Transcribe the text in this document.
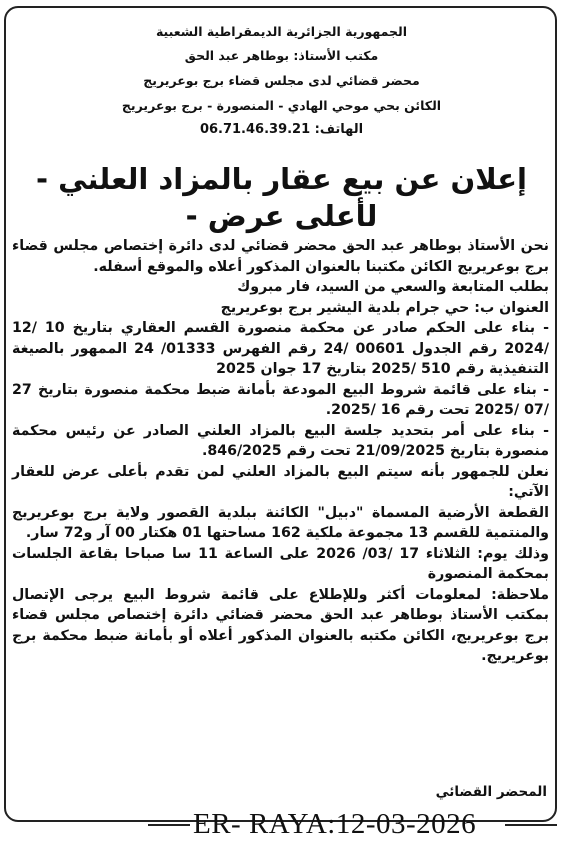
الجمهورية الجزائرية الديمقراطية الشعبية
مكتب الأستاذ: بوطاهر عبد الحق
محضر قضائي لدى مجلس قضاء برج بوعريريج
الكائن بحي موحي الهادي - المنصورة - برج بوعريريج
الهاتف: 06.71.46.39.21
إعلان عن بيع عقار بالمزاد العلني -
لأعلى عرض -

نحن الأستاذ بوطاهر عبد الحق محضر قضائي لدى دائرة إختصاص مجلس قضاء برج بوعريريج الكائن مكتبنا بالعنوان المذكور أعلاه والموقع أسفله.

بطلب المتابعة والسعي من السيد، فار مبروك

العنوان ب: حي جرام بلدية اليشير برج بوعريريج

- بناء على الحكم صادر عن محكمة منصورة القسم العقاري بتاريخ 10 /12 /2024 رقم الجدول 00601 /24 رقم الفهرس 01333/ 24 الممهور بالصيغة التنفيذية رقم 510 /2025 بتاريخ 17 جوان 2025

- بناء على قائمة شروط البيع المودعة بأمانة ضبط محكمة منصورة بتاريخ 27 /07 /2025 تحت رقم 16 /2025.

- بناء على أمر بتحديد جلسة البيع بالمزاد العلني الصادر عن رئيس محكمة منصورة بتاريخ 21/09/2025 تحت رقم 846/2025.

نعلن للجمهور بأنه سيتم البيع بالمزاد العلني لمن تقدم بأعلى عرض للعقار الآتي:

القطعة الأرضية المسماة "دبيل" الكائنة ببلدية القصور ولاية برج بوعريريج والمنتمية للقسم 13 مجموعة ملكية 162 مساحتها 01 هكتار 00 آر و72 سار.

وذلك يوم: الثلاثاء 17 /03/ 2026 على الساعة 11 سا صباحا بقاعة الجلسات بمحكمة المنصورة

ملاحظة: لمعلومات أكثر وللإطلاع على قائمة شروط البيع يرجى الإتصال بمكتب الأستاذ بوطاهر عبد الحق محضر قضائي دائرة إختصاص مجلس قضاء برج بوعريريج، الكائن مكتبه بالعنوان المذكور أعلاه أو بأمانة ضبط محكمة برج بوعريريج.

المحضر القضائي
ER- RAYA:12-03-2026
